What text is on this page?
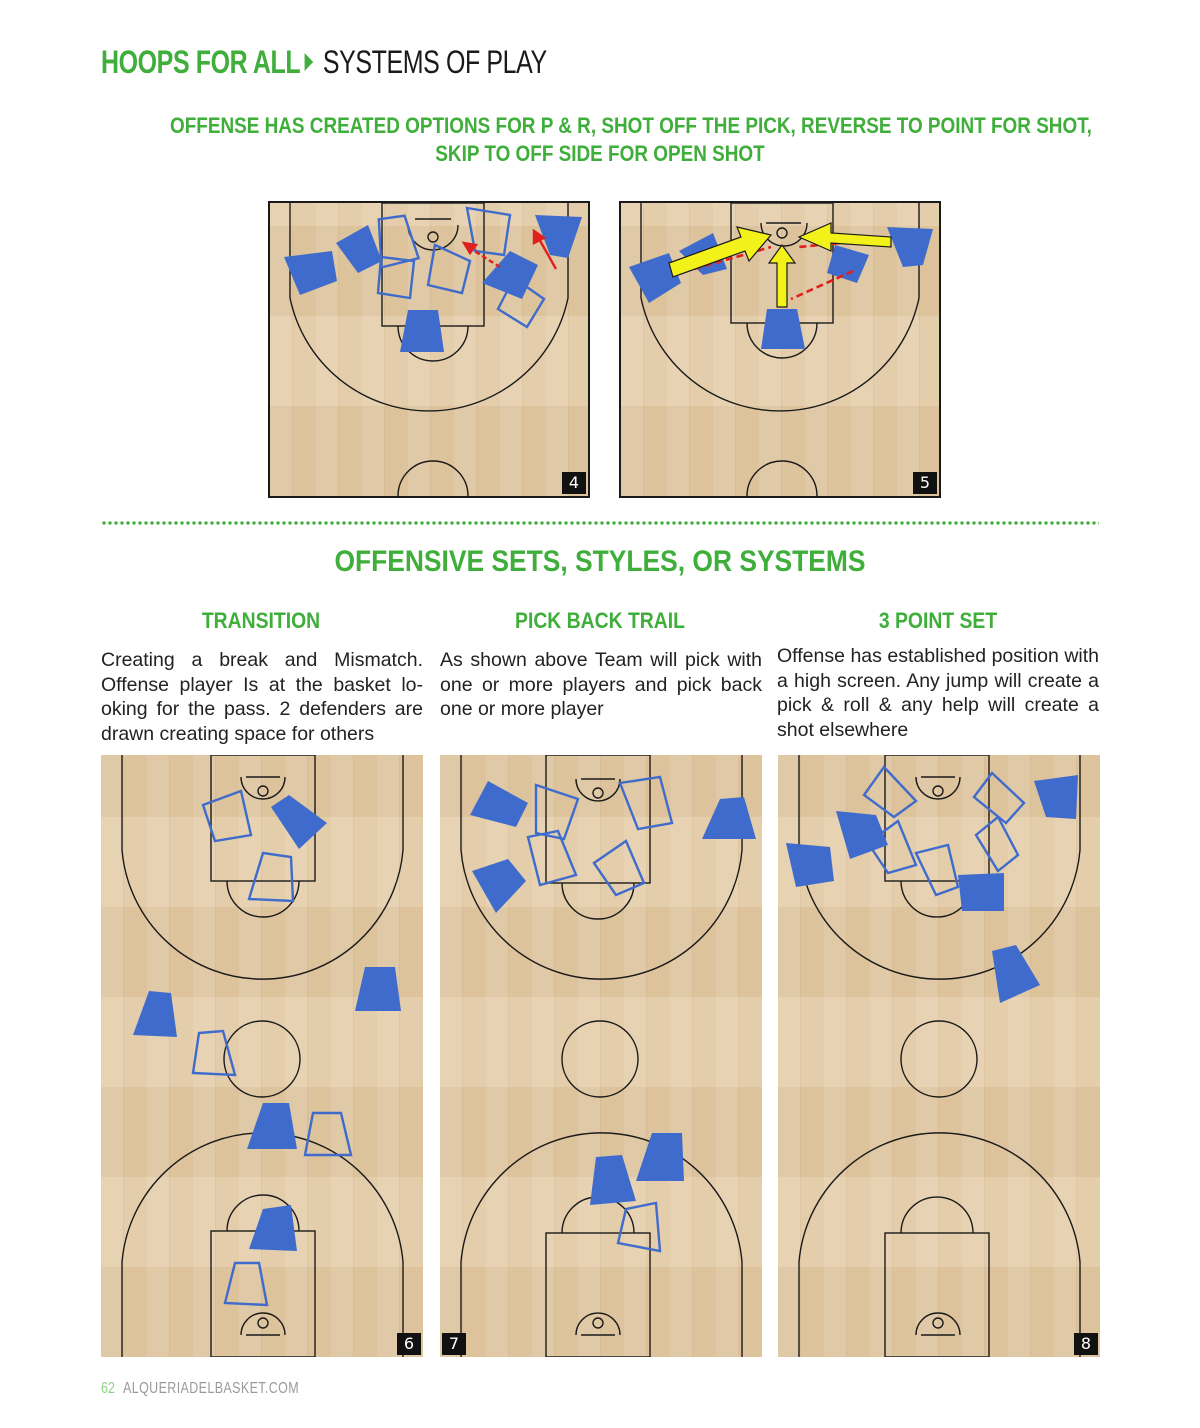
HOOPS FOR ALL SYSTEMS OF PLAY
OFFENSE HAS CREATED OPTIONS FOR P & R, SHOT OFF THE PICK, REVERSE TO POINT FOR SHOT,
SKIP TO OFF SIDE FOR OPEN SHOT
4	5
OFFENSIVE SETS, STYLES, OR SYSTEMS
TRANSITION	PICK BACK TRAIL	3 POINT SET
Creating a break and Mismatch. Offense player Is at the basket lo-oking for the pass. 2 defenders are drawn creating space for others
As shown above Team will pick with one or more players and pick back one or more player
Offense has established position with a high screen. Any jump will create a pick & roll & any help will create a shot elsewhere
6	7	8
62 ALQUERIADELBASKET.COM
